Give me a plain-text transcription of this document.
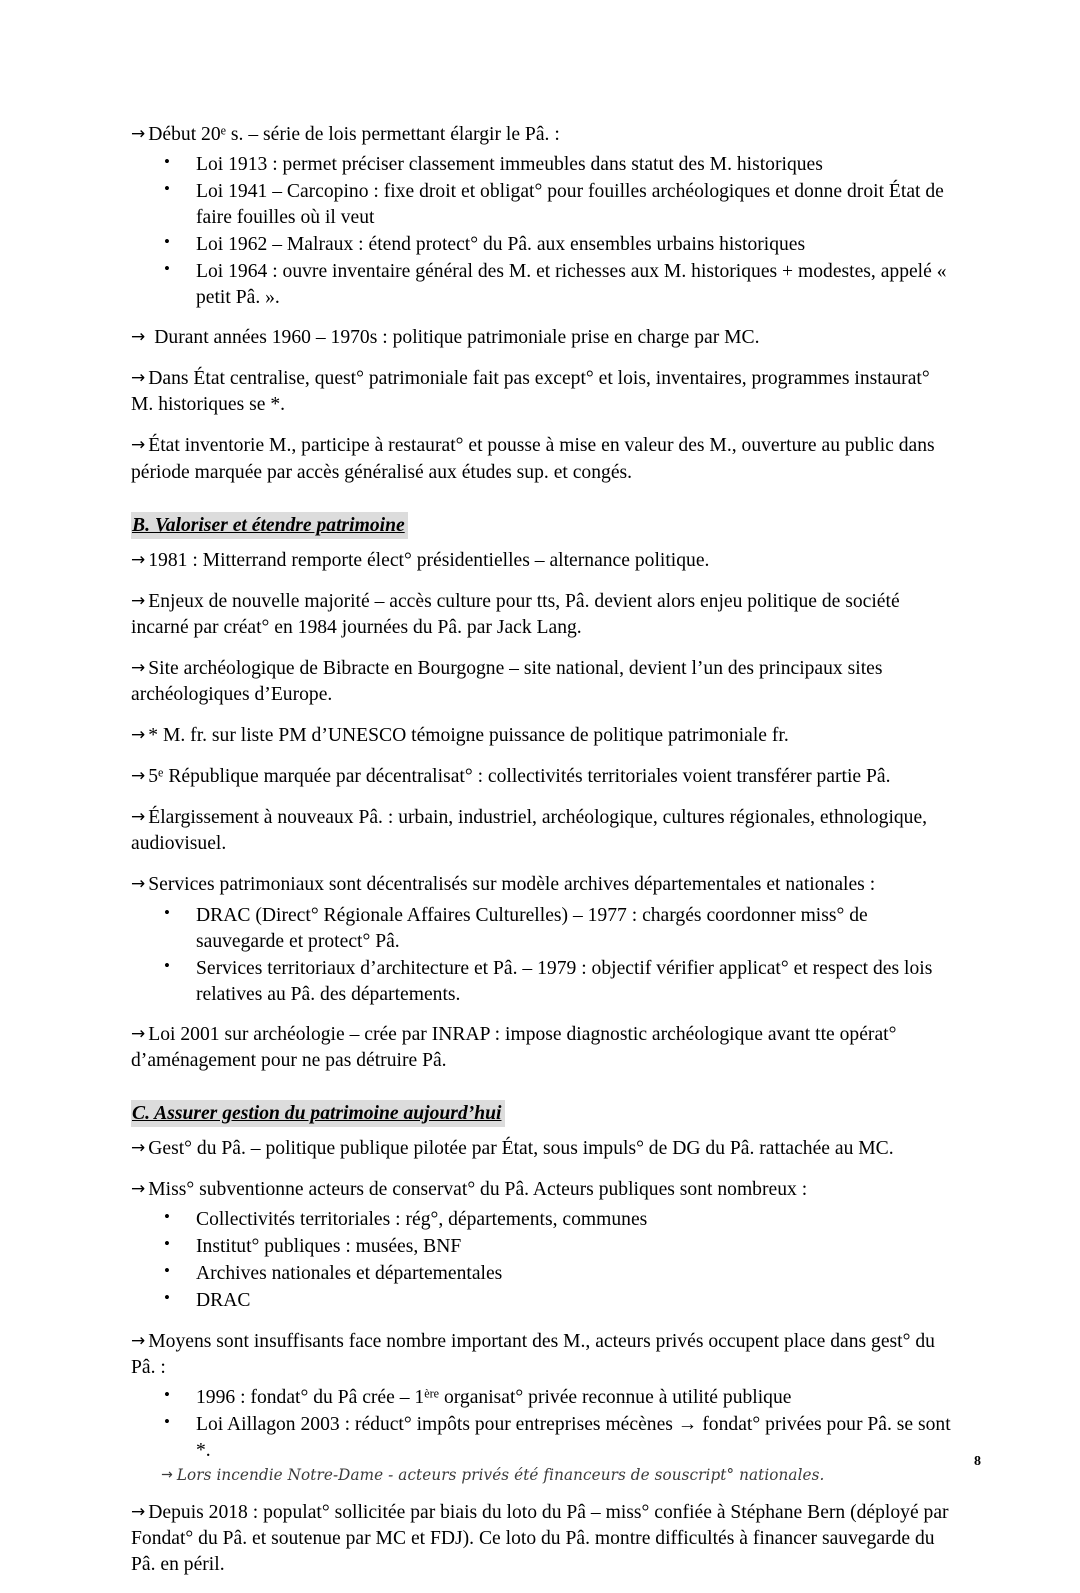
→ Début 20e s. – série de lois permettant élargir le Pâ. :

• Loi 1913 : permet préciser classement immeubles dans statut des M. historiques
• Loi 1941 – Carcopino : fixe droit et obligat° pour fouilles archéologiques et donne droit État de faire fouilles où il veut
• Loi 1962 – Malraux : étend protect° du Pâ. aux ensembles urbains historiques
• Loi 1964 : ouvre inventaire général des M. et richesses aux M. historiques + modestes, appelé « petit Pâ. ».

→ Durant années 1960 – 1970s : politique patrimoniale prise en charge par MC.

→ Dans État centralise, quest° patrimoniale fait pas except° et lois, inventaires, programmes instaurat° M. historiques se *.

→ État inventorie M., participe à restaurat° et pousse à mise en valeur des M., ouverture au public dans période marquée par accès généralisé aux études sup. et congés.

B. Valoriser et étendre patrimoine

→ 1981 : Mitterrand remporte élect° présidentielles – alternance politique.

→ Enjeux de nouvelle majorité – accès culture pour tts, Pâ. devient alors enjeu politique de société incarné par créat° en 1984 journées du Pâ. par Jack Lang.

→ Site archéologique de Bibracte en Bourgogne – site national, devient l’un des principaux sites archéologiques d’Europe.

→ * M. fr. sur liste PM d’UNESCO témoigne puissance de politique patrimoniale fr.

→ $5^e$ République marquée par décentralisat° : collectivités territoriales voient transférer partie Pâ.

→ Élargissement à nouveaux Pâ. : urbain, industriel, archéologique, cultures régionales, ethnologique, audiovisuel.

→ Services patrimoniaux sont décentralisés sur modèle archives départementales et nationales :

• DRAC (Direct° Régionale Affaires Culturelles) – 1977 : chargés coordonner miss° de sauvegarde et protect° Pâ.
• Services territoriaux d’architecture et Pâ. – 1979 : objectif vérifier applicat° et respect des lois relatives au Pâ. des départements.

→ Loi 2001 sur archéologie – crée par INRAP : impose diagnostic archéologique avant tte opérat° d’aménagement pour ne pas détruire Pâ.

C. Assurer gestion du patrimoine aujourd’hui

→ Gest° du Pâ. – politique publique pilotée par État, sous impuls° de DG du Pâ. rattachée au MC.

→ Miss° subventionne acteurs de conservat° du Pâ. Acteurs publiques sont nombreux :

• Collectivités territoriales : rég°, départements, communes
• Institut° publiques : musées, BNF
• Archives nationales et départementales
• DRAC

→ Moyens sont insuffisants face nombre important des M., acteurs privés occupent place dans gest° du Pâ. :

• 1996 : fondat° du Pâ crée – 1ère organisat° privée reconnue à utilité publique
• Loi Aillagon 2003 : réduct° impôts pour entreprises mécènes → fondat° privées pour Pâ. se sont *.

→ Lors incendie Notre-Dame - acteurs privés été financeurs de souscript° nationales.

→ Depuis 2018 : populat° sollicitée par biais du loto du Pâ – miss° confiée à Stéphane Bern (déployé par Fondat° du Pâ. et soutenue par MC et FDJ). Ce loto du Pâ. montre difficultés à financer sauvegarde du Pâ. en péril.

8
